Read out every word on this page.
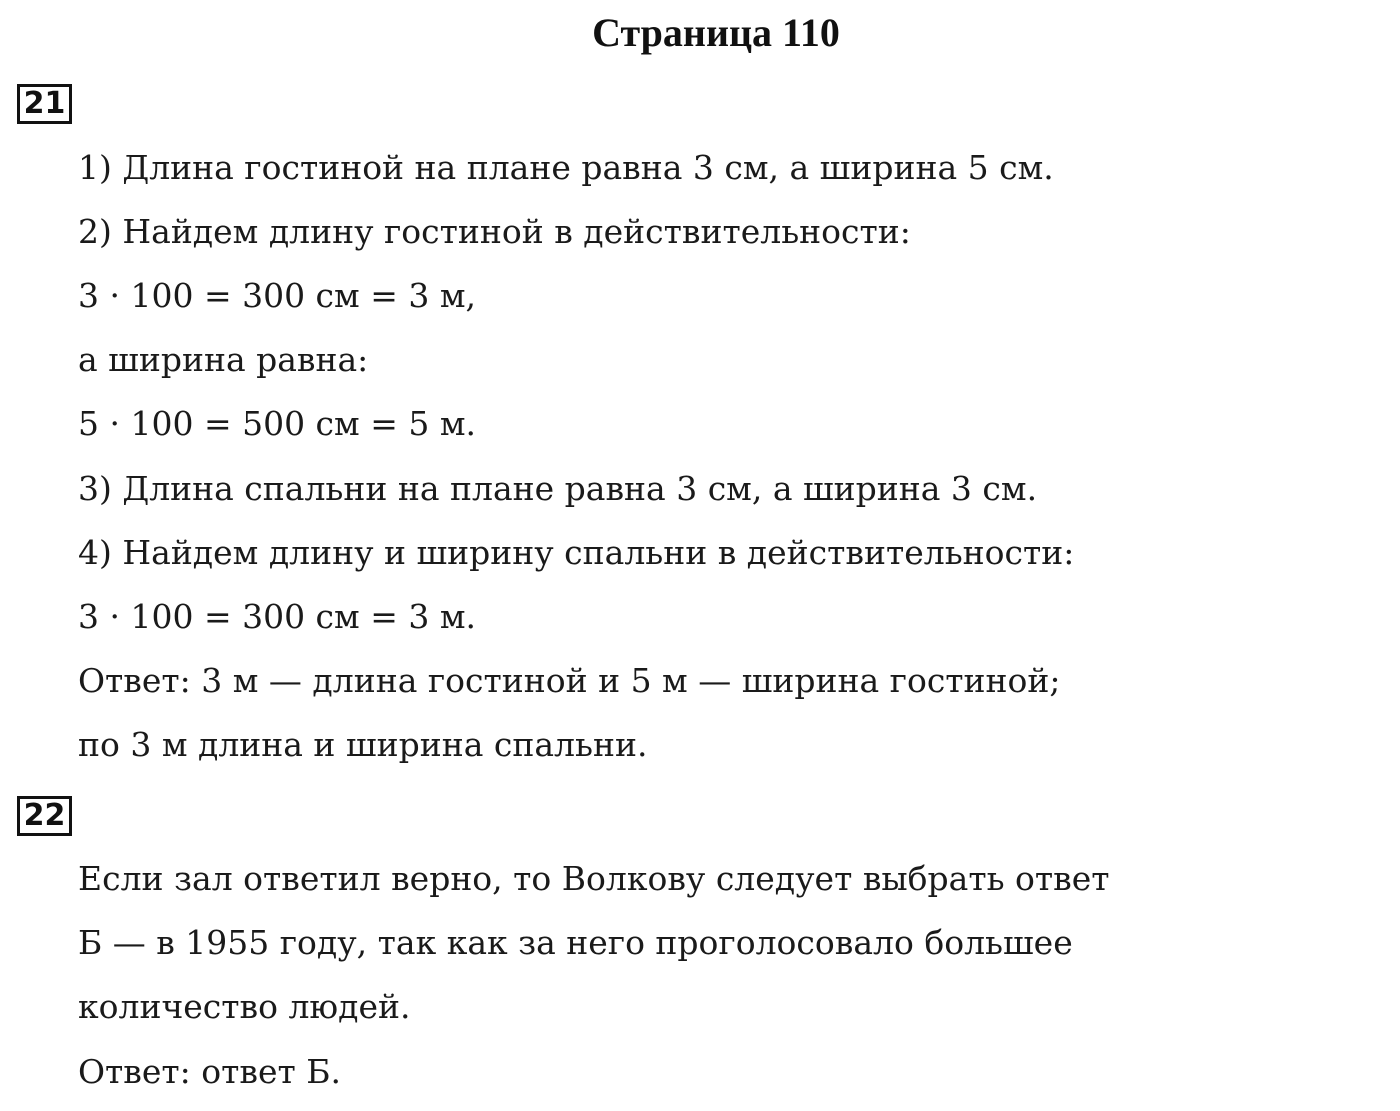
Страница 110
21
1) Длина гостиной на плане равна 3 см, а ширина 5 см.
2) Найдем длину гостиной в действительности:
3 · 100 = 300 см = 3 м,
а ширина равна:
5 · 100 = 500 см = 5 м.
3) Длина спальни на плане равна 3 см, а ширина 3 см.
4) Найдем длину и ширину спальни в действительности:
3 · 100 = 300 см = 3 м.
Ответ: 3 м — длина гостиной и 5 м — ширина гостиной;
по 3 м длина и ширина спальни.
22
Если зал ответил верно, то Волкову следует выбрать ответ
Б — в 1955 году, так как за него проголосовало большее
количество людей.
Ответ: ответ Б.
